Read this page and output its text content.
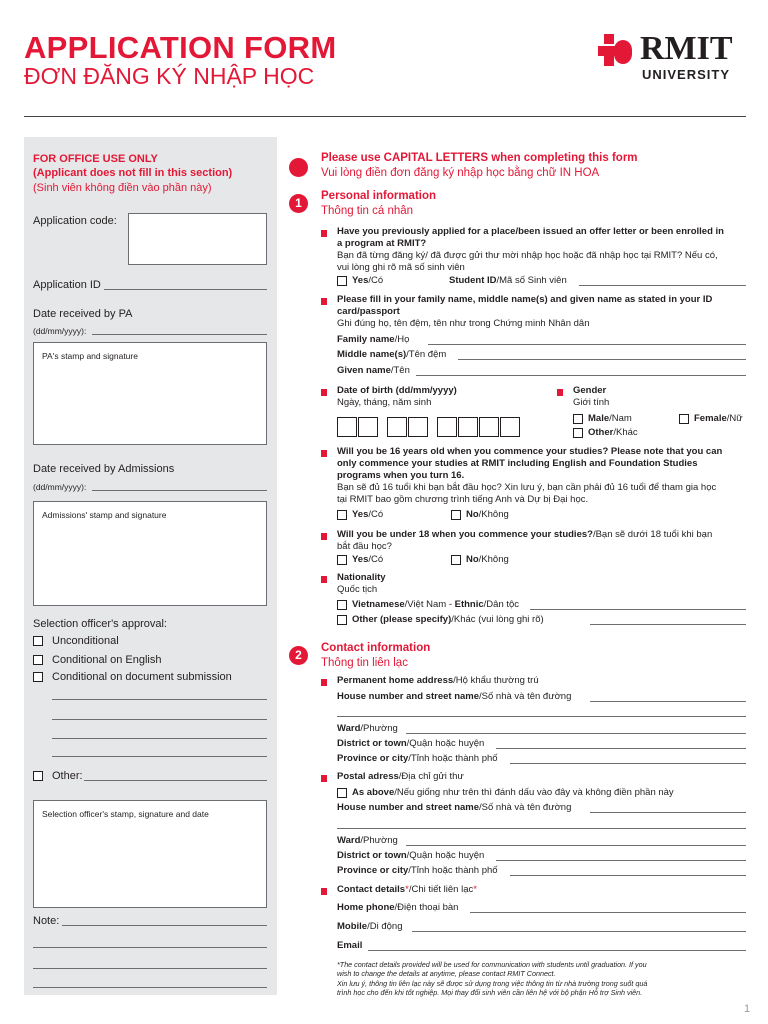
APPLICATION FORM
ĐƠN ĐĂNG KÝ NHẬP HỌC
RMIT
UNIVERSITY
FOR OFFICE USE ONLY
(Applicant does not fill in this section)
(Sinh viên không điền vào phần này)
Application code:
Application ID
Date received by PA
(dd/mm/yyyy):
PA's stamp and signature
Date received by Admissions
(dd/mm/yyyy):
Admissions' stamp and signature
Selection officer's approval:
Unconditional
Conditional on English
Conditional on document submission
Other:
Selection officer's stamp, signature and date
Note:
Please use CAPITAL LETTERS when completing this form
Vui lòng điền đơn đăng ký nhập học bằng chữ IN HOA
1	Personal information
Thông tin cá nhân
Have you previously applied for a place/been issued an offer letter or been enrolled in
a program at RMIT?
Bạn đã từng đăng ký/ đã được gửi thư mời nhập học hoặc đã nhập học tại RMIT? Nếu có,
vui lòng ghi rõ mã số sinh viên
Yes/Có	Student ID/Mã số Sinh viên
Please fill in your family name, middle name(s) and given name as stated in your ID
card/passport
Ghi đúng họ, tên đệm, tên như trong Chứng minh Nhân dân
Family name/Họ
Middle name(s)/Tên đệm
Given name/Tên
Date of birth (dd/mm/yyyy)
Ngày, tháng, năm sinh
Gender
Giới tính
Male/Nam	Female/Nữ
Other/Khác
Will you be 16 years old when you commence your studies? Please note that you can
only commence your studies at RMIT including English and Foundation Studies
programs when you turn 16.
Bạn sẽ đủ 16 tuổi khi bạn bắt đầu học? Xin lưu ý, bạn cần phải đủ 16 tuổi để tham gia học
tại RMIT bao gồm chương trình tiếng Anh và Dự bị Đại học.
Yes/Có	No/Không
Will you be under 18 when you commence your studies?/Bạn sẽ dưới 18 tuổi khi bạn
bắt đầu học?
Yes/Có	No/Không
Nationality
Quốc tịch
Vietnamese/Việt Nam - Ethnic/Dân tộc
Other (please specify)/Khác (vui lòng ghi rõ)
2	Contact information
Thông tin liên lạc
Permanent home address/Hộ khẩu thường trú
House number and street name/Số nhà và tên đường
Ward/Phường
District or town/Quận hoặc huyện
Province or city/Tỉnh hoặc thành phố
Postal adress/Địa chỉ gửi thư
As above/Nếu giống như trên thì đánh dấu vào đây và không điền phần này
House number and street name/Số nhà và tên đường
Ward/Phường
District or town/Quận hoặc huyện
Province or city/Tỉnh hoặc thành phố
Contact details*/Chi tiết liên lạc*
Home phone/Điện thoại bàn
Mobile/Di động
Email
*The contact details provided will be used for communication with students until graduation. If you
wish to change the details at anytime, please contact RMIT Connect.
Xin lưu ý, thông tin liên lạc này sẽ được sử dụng trong việc thông tin từ nhà trường trong suốt quá
trình học cho đến khi tốt nghiệp. Mọi thay đổi sinh viên cần liên hệ với bộ phận Hỗ trợ Sinh viên.
1
